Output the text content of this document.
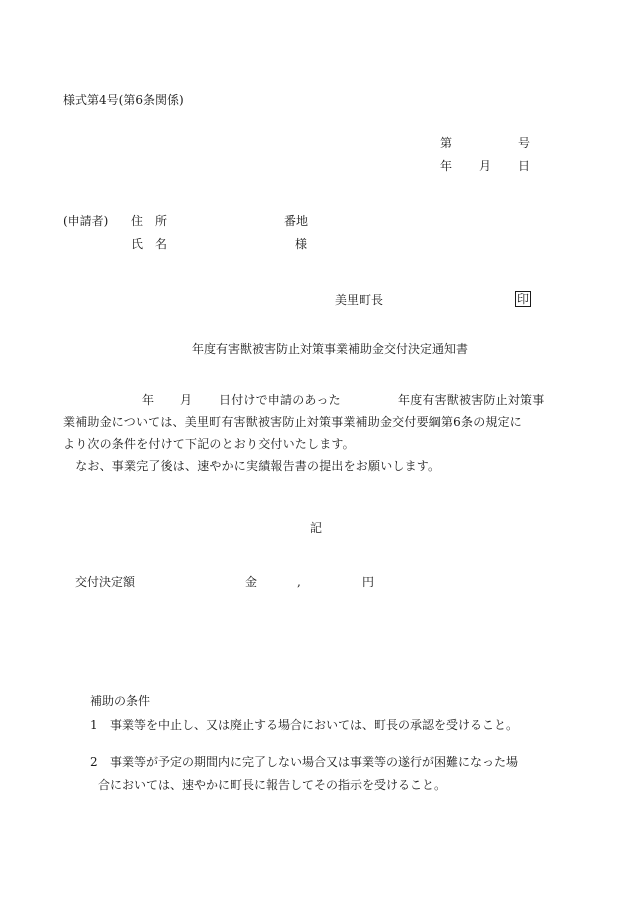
様式第4号(第6条関係)
第	号
年 月 日
(申請者) 住　所	番地
氏　名	様
美里町長	印
年度有害獣被害防止対策事業補助金交付決定通知書
年 月 日付けで申請のあった	年度有害獣被害防止対策事
業補助金については、美里町有害獣被害防止対策事業補助金交付要綱第6条の規定に
より次の条件を付けて下記のとおり交付いたします。
　なお、事業完了後は、速やかに実績報告書の提出をお願いします。
記
交付決定額	金	,	円
補助の条件
1 事業等を中止し、又は廃止する場合においては、町長の承認を受けること。
2 事業等が予定の期間内に完了しない場合又は事業等の遂行が困難になった場
合においては、速やかに町長に報告してその指示を受けること。
